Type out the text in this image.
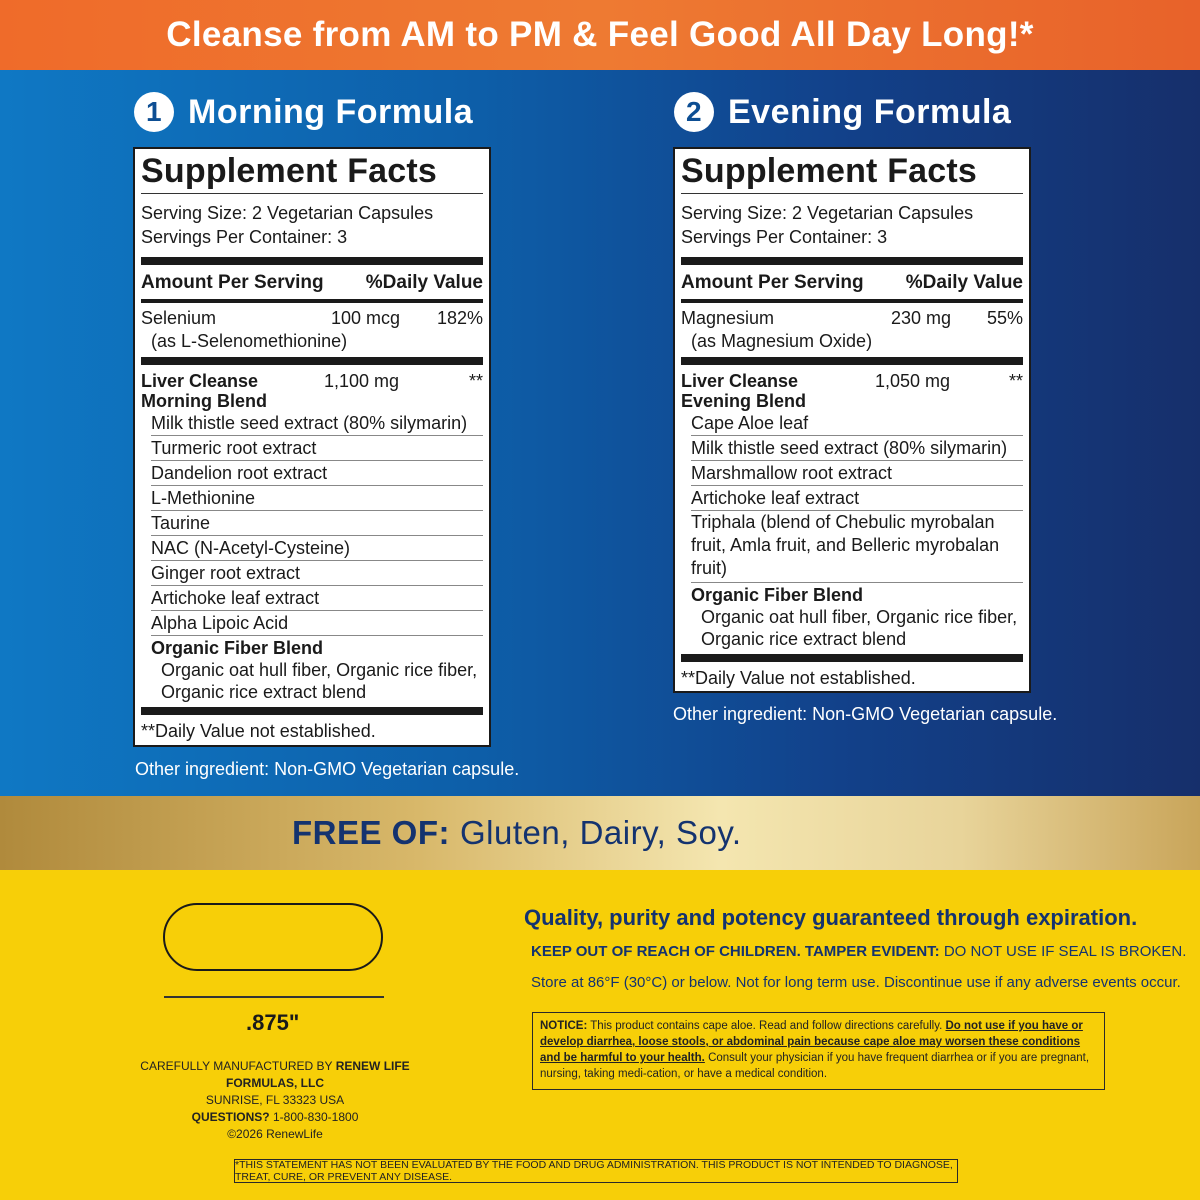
Cleanse from AM to PM & Feel Good All Day Long!*
1 Morning Formula
Supplement Facts
Serving Size: 2 Vegetarian Capsules
Servings Per Container: 3
Amount Per Serving %Daily Value
Selenium
(as L-Selenomethionine)
100 mcg 182%
Liver Cleanse
Morning Blend
1,100 mg	**
Milk thistle seed extract (80% silymarin)
Turmeric root extract
Dandelion root extract
L-Methionine
Taurine
NAC (N-Acetyl-Cysteine)
Ginger root extract
Artichoke leaf extract
Alpha Lipoic Acid
Organic Fiber Blend
Organic oat hull fiber, Organic rice fiber,
Organic rice extract blend
**Daily Value not established.
Other ingredient: Non-GMO Vegetarian capsule.
2 Evening Formula
Supplement Facts
Serving Size: 2 Vegetarian Capsules
Servings Per Container: 3
Amount Per Serving %Daily Value
Magnesium
(as Magnesium Oxide)
230 mg 55%
Liver Cleanse
Evening Blend
1,050 mg	**
Cape Aloe leaf
Milk thistle seed extract (80% silymarin)
Marshmallow root extract
Artichoke leaf extract
Triphala (blend of Chebulic myrobalan
fruit, Amla fruit, and Belleric myrobalan
fruit)
Organic Fiber Blend
Organic oat hull fiber, Organic rice fiber,
Organic rice extract blend
**Daily Value not established.
Other ingredient: Non-GMO Vegetarian capsule.
FREE OF: Gluten, Dairy, Soy.
.875"
CAREFULLY MANUFACTURED BY RENEW LIFE FORMULAS, LLC
SUNRISE, FL 33323 USA
QUESTIONS? 1-800-830-1800
©2026 RenewLife
Quality, purity and potency guaranteed through expiration.
KEEP OUT OF REACH OF CHILDREN. TAMPER EVIDENT: DO NOT USE IF SEAL IS BROKEN.
Store at 86°F (30°C) or below. Not for long term use. Discontinue use if any adverse events occur.
NOTICE: This product contains cape aloe. Read and follow directions carefully. Do not use if you have or develop diarrhea, loose stools, or abdominal pain because cape aloe may worsen these conditions and be harmful to your health. Consult your physician if you have frequent diarrhea or if you are pregnant, nursing, taking medi-cation, or have a medical condition.
*THIS STATEMENT HAS NOT BEEN EVALUATED BY THE FOOD AND DRUG ADMINISTRATION. THIS PRODUCT IS NOT INTENDED TO DIAGNOSE, TREAT, CURE, OR PREVENT ANY DISEASE.
